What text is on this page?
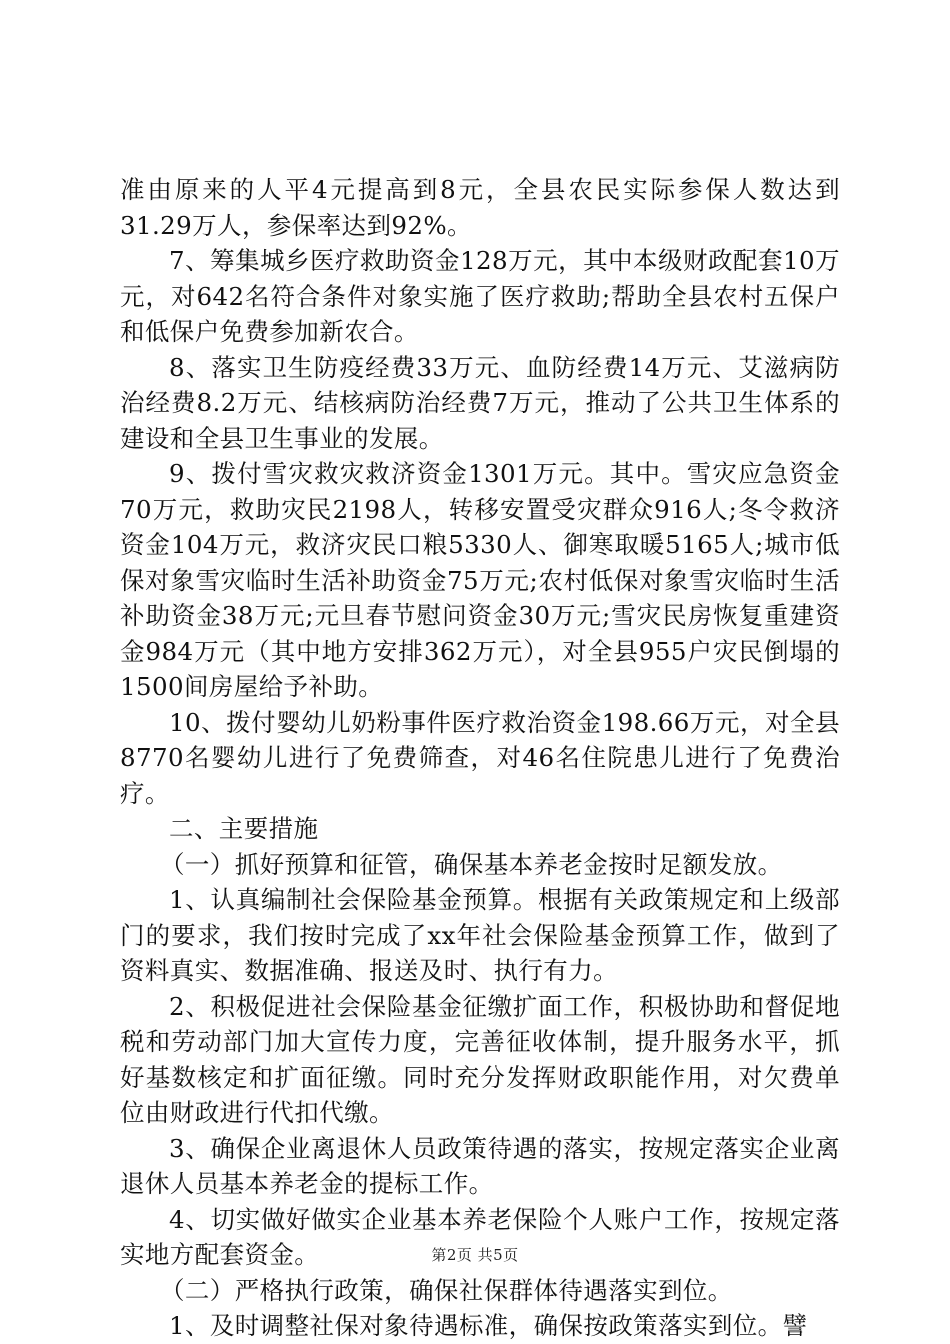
准由原来的人平4元提高到8元，全县农民实际参保人数达到31.29万人，参保率达到92%。

7、筹集城乡医疗救助资金128万元，其中本级财政配套10万元，对642名符合条件对象实施了医疗救助;帮助全县农村五保户和低保户免费参加新农合。

8、落实卫生防疫经费33万元、血防经费14万元、艾滋病防治经费8.2万元、结核病防治经费7万元，推动了公共卫生体系的建设和全县卫生事业的发展。

9、拨付雪灾救灾救济资金1301万元。其中。雪灾应急资金70万元，救助灾民2198人，转移安置受灾群众916人;冬令救济资金104万元，救济灾民口粮5330人、御寒取暖5165人;城市低保对象雪灾临时生活补助资金75万元;农村低保对象雪灾临时生活补助资金38万元;元旦春节慰问资金30万元;雪灾民房恢复重建资金984万元（其中地方安排362万元），对全县955户灾民倒塌的1500间房屋给予补助。

10、拨付婴幼儿奶粉事件医疗救治资金198.66万元，对全县8770名婴幼儿进行了免费筛查，对46名住院患儿进行了免费治疗。

二、主要措施

（一）抓好预算和征管，确保基本养老金按时足额发放。

1、认真编制社会保险基金预算。根据有关政策规定和上级部门的要求，我们按时完成了xx年社会保险基金预算工作，做到了资料真实、数据准确、报送及时、执行有力。

2、积极促进社会保险基金征缴扩面工作，积极协助和督促地税和劳动部门加大宣传力度，完善征收体制，提升服务水平，抓好基数核定和扩面征缴。同时充分发挥财政职能作用，对欠费单位由财政进行代扣代缴。

3、确保企业离退休人员政策待遇的落实，按规定落实企业离退休人员基本养老金的提标工作。

4、切实做好做实企业基本养老保险个人账户工作，按规定落实地方配套资金。

（二）严格执行政策，确保社保群体待遇落实到位。

1、及时调整社保对象待遇标准，确保按政策落实到位。譬

第2页 共5页
